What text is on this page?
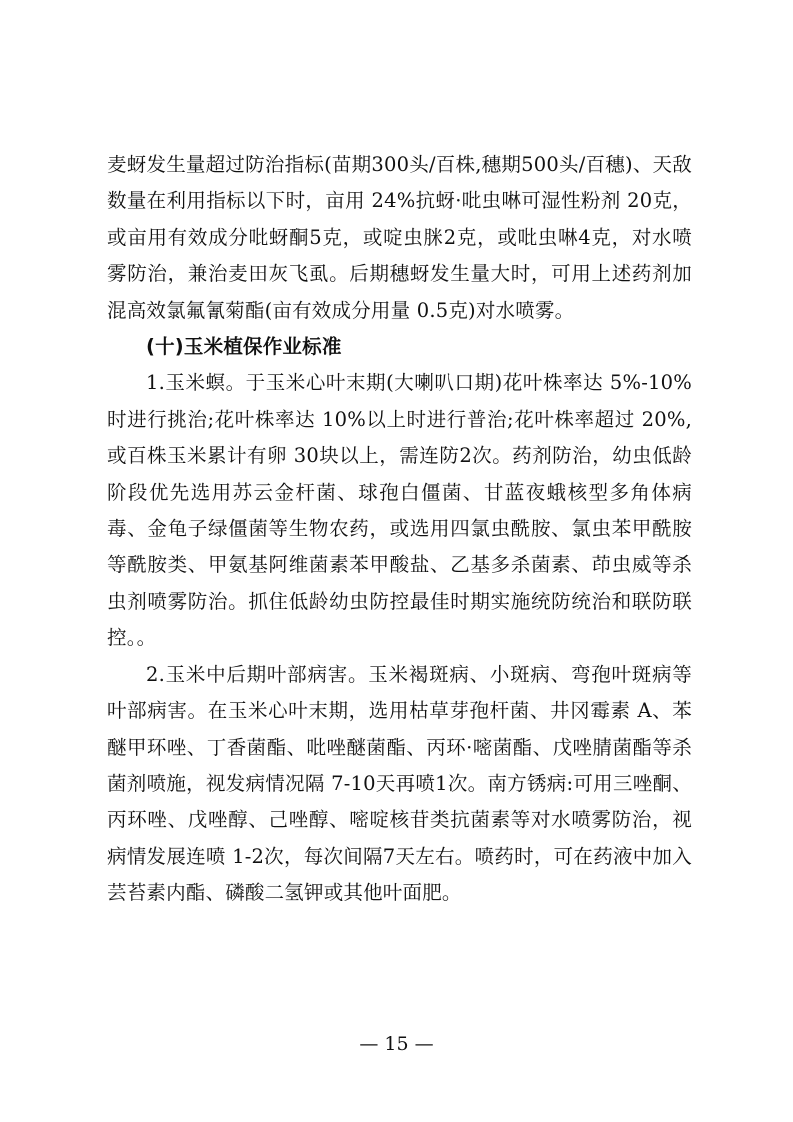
麦蚜发生量超过防治指标(苗期300头/百株,穗期500头/百穗)、天敌数量在利用指标以下时，亩用 24%抗蚜·吡虫啉可湿性粉剂 20克，或亩用有效成分吡蚜酮5克，或啶虫脒2克，或吡虫啉4克，对水喷雾防治，兼治麦田灰飞虱。后期穗蚜发生量大时，可用上述药剂加混高效氯氟氰菊酯(亩有效成分用量 0.5克)对水喷雾。

(十)玉米植保作业标准

1.玉米螟。于玉米心叶末期(大喇叭口期)花叶株率达 5%-10%时进行挑治;花叶株率达 10%以上时进行普治;花叶株率超过 20%,或百株玉米累计有卵 30块以上，需连防2次。药剂防治，幼虫低龄阶段优先选用苏云金杆菌、球孢白僵菌、甘蓝夜蛾核型多角体病毒、金龟子绿僵菌等生物农药，或选用四氯虫酰胺、氯虫苯甲酰胺等酰胺类、甲氨基阿维菌素苯甲酸盐、乙基多杀菌素、茚虫威等杀虫剂喷雾防治。抓住低龄幼虫防控最佳时期实施统防统治和联防联控。。

2.玉米中后期叶部病害。玉米褐斑病、小斑病、弯孢叶斑病等叶部病害。在玉米心叶末期，选用枯草芽孢杆菌、井冈霉素 A、苯醚甲环唑、丁香菌酯、吡唑醚菌酯、丙环·嘧菌酯、戊唑腈菌酯等杀菌剂喷施，视发病情况隔 7-10天再喷1次。南方锈病:可用三唑酮、丙环唑、戊唑醇、己唑醇、嘧啶核苷类抗菌素等对水喷雾防治，视病情发展连喷 1-2次，每次间隔7天左右。喷药时，可在药液中加入芸苔素内酯、磷酸二氢钾或其他叶面肥。

— 15 —
